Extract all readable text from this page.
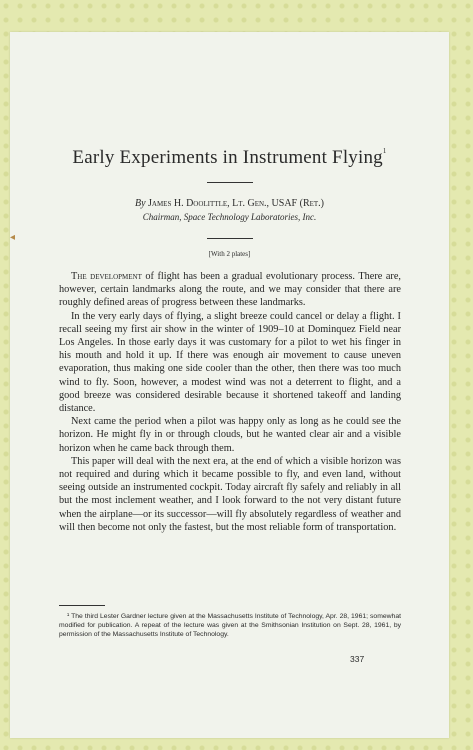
◂
Early Experiments in Instrument Flying$^1$
By James H. Doolittle, Lt. Gen., USAF (Ret.)
Chairman, Space Technology Laboratories, Inc.
[With 2 plates]

The development of flight has been a gradual evolutionary process. There are, however, certain landmarks along the route, and we may consider that there are roughly defined areas of progress between these landmarks.

In the very early days of flying, a slight breeze could cancel or delay a flight. I recall seeing my first air show in the winter of 1909–10 at Dominquez Field near Los Angeles. In those early days it was customary for a pilot to wet his finger in his mouth and hold it up. If there was enough air movement to cause uneven evaporation, thus making one side cooler than the other, then there was too much wind to fly. Soon, however, a modest wind was not a deterrent to flight, and a good breeze was considered desirable because it shortened takeoff and landing distance.

Next came the period when a pilot was happy only as long as he could see the horizon. He might fly in or through clouds, but he wanted clear air and a visible horizon when he came back through them.

This paper will deal with the next era, at the end of which a visible horizon was not required and during which it became possible to fly, and even land, without seeing outside an instrumented cockpit. Today aircraft fly safely and reliably in all but the most inclement weather, and I look forward to the not very distant future when the airplane—or its successor—will fly absolutely regardless of weather and will then become not only the fastest, but the most reliable form of transportation.

¹ The third Lester Gardner lecture given at the Massachusetts Institute of Technology, Apr. 28, 1961; somewhat modified for publication. A repeat of the lecture was given at the Smithsonian Institution on Sept. 28, 1961, by permission of the Massachusetts Institute of Technology.

337
